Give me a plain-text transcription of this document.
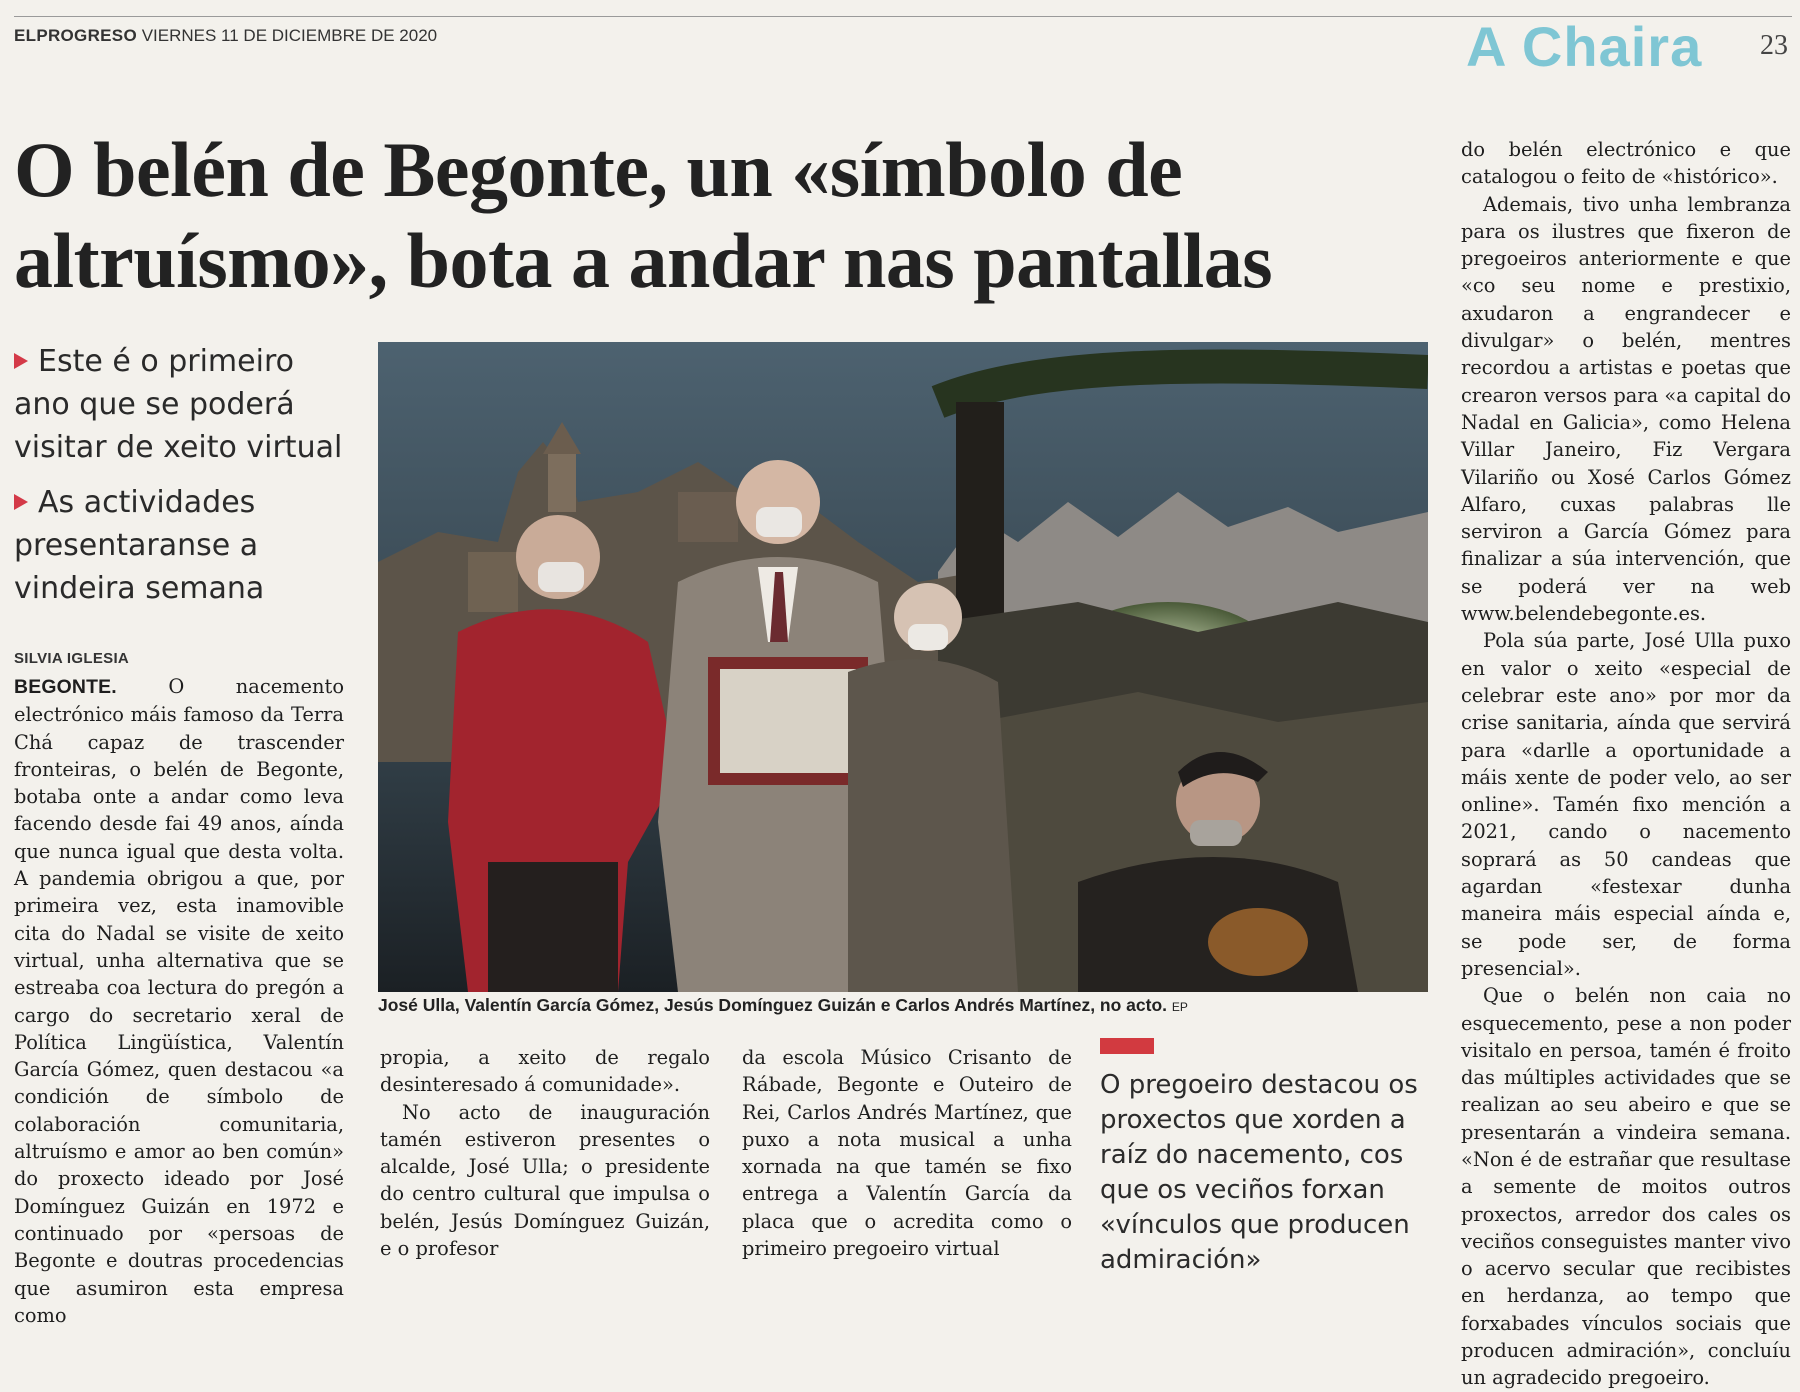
ELPROGRESO VIERNES 11 DE DICIEMBRE DE 2020	A Chaira 23
O belén de Begonte, un «símbolo de altruísmo», bota a andar nas pantallas
Este é o primeiro ano que se poderá visitar de xeito virtual
As actividades presentaranse a vindeira semana
SILVIA IGLESIA

BEGONTE. O nacemento electrónico máis famoso da Terra Chá capaz de trascender fronteiras, o belén de Begonte, botaba onte a andar como leva facendo desde fai 49 anos, aínda que nunca igual que desta volta. A pandemia obrigou a que, por primeira vez, esta inamovible cita do Nadal se visite de xeito virtual, unha alternativa que se estreaba coa lectura do pregón a cargo do secretario xeral de Política Lingüística, Valentín García Gómez, quen destacou «a condición de símbolo de colaboración comunitaria, altruísmo e amor ao ben común» do proxecto ideado por José Domínguez Guizán en 1972 e continuado por «persoas de Begonte e doutras procedencias que asumiron esta empresa como

José Ulla, Valentín García Gómez, Jesús Domínguez Guizán e Carlos Andrés Martínez, no acto. EP

propia, a xeito de regalo desinteresado á comunidade».

No acto de inauguración tamén estiveron presentes o alcalde, José Ulla; o presidente do centro cultural que impulsa o belén, Jesús Domínguez Guizán, e o profesor

da escola Músico Crisanto de Rábade, Begonte e Outeiro de Rei, Carlos Andrés Martínez, que puxo a nota musical a unha xornada na que tamén se fixo entrega a Valentín García da placa que o acredita como o primeiro pregoeiro virtual

O pregoeiro destacou os proxectos que xorden a raíz do nacemento, cos que os veciños forxan «vínculos que producen admiración»

do belén electrónico e que catalogou o feito de «histórico».

Ademais, tivo unha lembranza para os ilustres que fixeron de pregoeiros anteriormente e que «co seu nome e prestixio, axudaron a engrandecer e divulgar» o belén, mentres recordou a artistas e poetas que crearon versos para «a capital do Nadal en Galicia», como Helena Villar Janeiro, Fiz Vergara Vilariño ou Xosé Carlos Gómez Alfaro, cuxas palabras lle serviron a García Gómez para finalizar a súa intervención, que se poderá ver na web www.belendebegonte.es.

Pola súa parte, José Ulla puxo en valor o xeito «especial de celebrar este ano» por mor da crise sanitaria, aínda que servirá para «darlle a oportunidade a máis xente de poder velo, ao ser online». Tamén fixo mención a 2021, cando o nacemento soprará as 50 candeas que agardan «festexar dunha maneira máis especial aínda e, se pode ser, de forma presencial».

Que o belén non caia no esquecemento, pese a non poder visitalo en persoa, tamén é froito das múltiples actividades que se realizan ao seu abeiro e que se presentarán a vindeira semana. «Non é de estrañar que resultase a semente de moitos outros proxectos, arredor dos cales os veciños conseguistes manter vivo o acervo secular que recibistes en herdanza, ao tempo que forxabades vínculos sociais que producen admiración», concluíu un agradecido pregoeiro.
